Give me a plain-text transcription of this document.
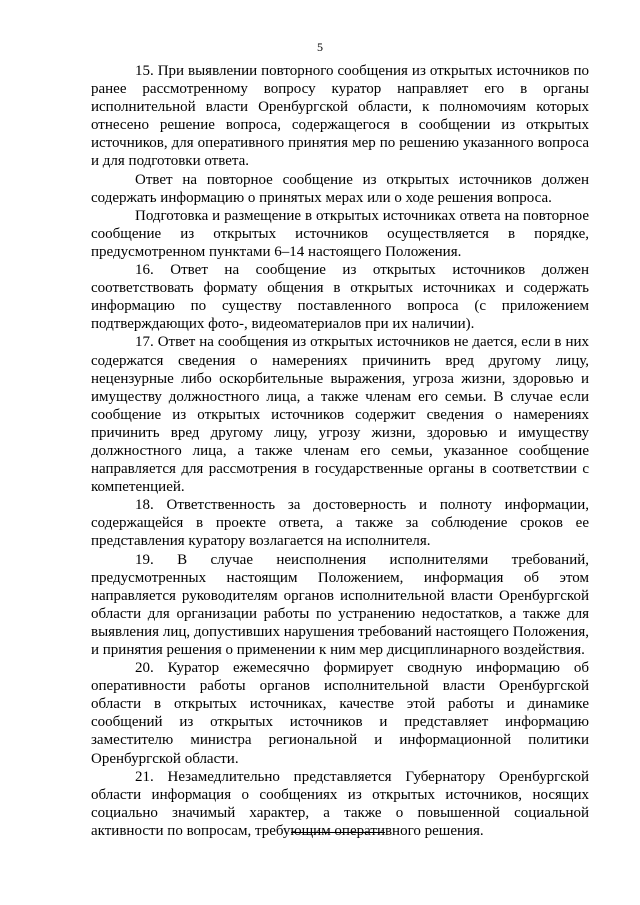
5

15. При выявлении повторного сообщения из открытых источников по ранее рассмотренному вопросу куратор направляет его в органы исполнительной власти Оренбургской области, к полномочиям которых отнесено решение вопроса, содержащегося в сообщении из открытых источников, для оперативного принятия мер по решению указанного вопроса и для подготовки ответа.

Ответ на повторное сообщение из открытых источников должен содержать информацию о принятых мерах или о ходе решения вопроса.

Подготовка и размещение в открытых источниках ответа на повторное сообщение из открытых источников осуществляется в порядке, предусмотренном пунктами 6–14 настоящего Положения.

16. Ответ на сообщение из открытых источников должен соответствовать формату общения в открытых источниках и содержать информацию по существу поставленного вопроса (с приложением подтверждающих фото-, видеоматериалов при их наличии).

17. Ответ на сообщения из открытых источников не дается, если в них содержатся сведения о намерениях причинить вред другому лицу, нецензурные либо оскорбительные выражения, угроза жизни, здоровью и имуществу должностного лица, а также членам его семьи. В случае если сообщение из открытых источников содержит сведения о намерениях причинить вред другому лицу, угрозу жизни, здоровью и имуществу должностного лица, а также членам его семьи, указанное сообщение направляется для рассмотрения в государственные органы в соответствии с компетенцией.

18. Ответственность за достоверность и полноту информации, содержащейся в проекте ответа, а также за соблюдение сроков ее представления куратору возлагается на исполнителя.

19. В случае неисполнения исполнителями требований, предусмотренных настоящим Положением, информация об этом направляется руководителям органов исполнительной власти Оренбургской области для организации работы по устранению недостатков, а также для выявления лиц, допустивших нарушения требований настоящего Положения, и принятия решения о применении к ним мер дисциплинарного воздействия.

20. Куратор ежемесячно формирует сводную информацию об оперативности работы органов исполнительной власти Оренбургской области в открытых источниках, качестве этой работы и динамике сообщений из открытых источников и представляет информацию заместителю министра региональной и информационной политики Оренбургской области.

21. Незамедлительно представляется Губернатору Оренбургской области информация о сообщениях из открытых источников, носящих социально значимый характер, а также о повышенной социальной активности по вопросам, требующим оперативного решения.
